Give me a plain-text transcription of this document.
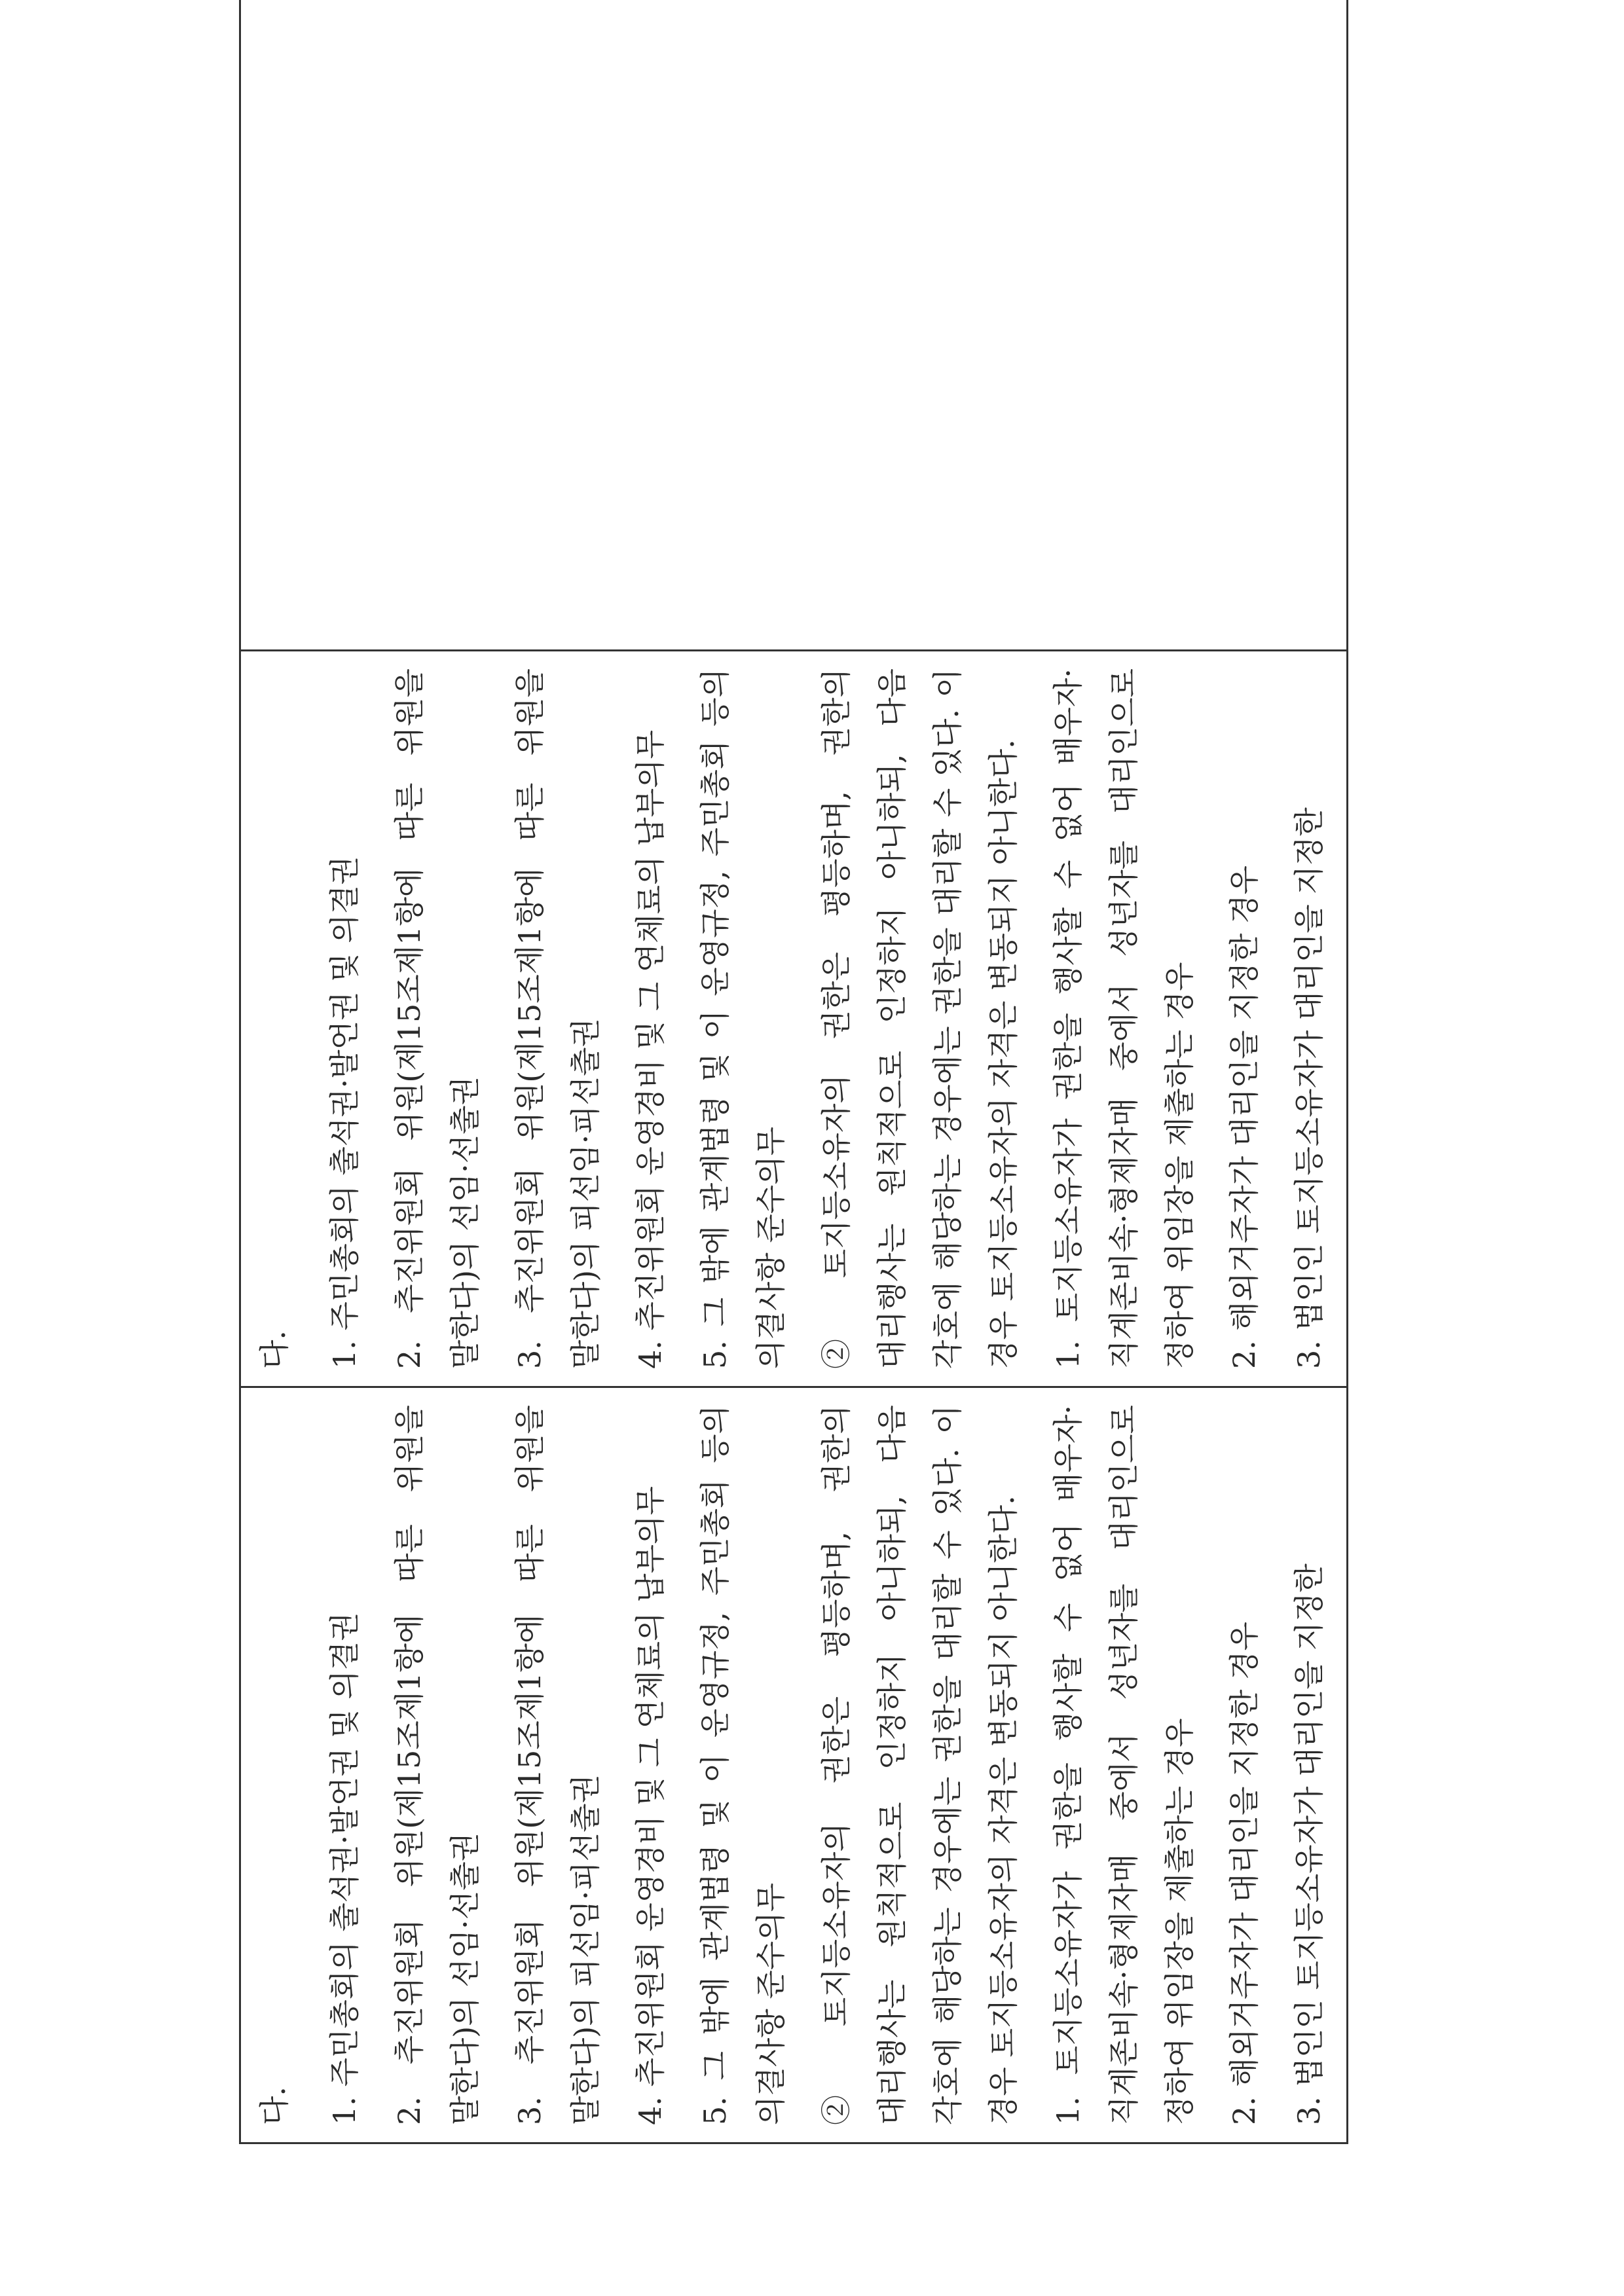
다.	1. 주민총회의 출석권·발언권 및 의결권 2. 추진위원회 위원(제15조제1항에 따른 위원을 말한다)의 선임·선출권 3. 추진위원회 위원(제15조제1항에 따른 위원을 말한다)의 피선임·피선출권 4. 추진위원회 운영경비 및 그 연체료의 납부의무 5. 그 밖에 관계법령 및 이 운영규정, 주민총회 등의 의결사항 준수의무 ② 토지등소유자의 권한은 평등하며, 권한의 대리행사는 원칙적으로 인정하지 아니하되, 다음 각호에 해당하는 경우에는 권한을 대리할 수 있다. 이 경우 토지등소유자의 자격은 변동되지 아니한다. 1. 토지등소유자가 권한을 행사할 수 없어 배우자·직계존비속·형제자매 중에서 성년자를 대리인으로 정하여 위임장을 제출하는 경우 2. 해외거주자가 대리인을 지정한 경우 3. 법인인 토지등소유자가 대리인을 지정한

다.	1. 주민총회의 출석권·발언권 및 의결권 2. 추진위원회 위원(제15조제1항에 따른 위원을 말한다)의 선임·선출권 3. 추진위원회 위원(제15조제1항에 따른 위원을 말한다)의 피선임·피선출권 4. 추진위원회 운영경비 및 그 연체료의 납부의무 5. 그 밖에 관계법령 및 이 운영규정, 주민총회 등의 의결사항 준수의무 ② 토지등소유자의 권한은 평등하며, 권한의 대리행사는 원칙적으로 인정하지 아니하되, 다음 각호에 해당하는 경우에는 권한을 대리할 수 있다. 이 경우 토지등소유자의 자격은 변동되지 아니한다. 1. 토지등소유자가 권한을 행사할 수 없어 배우자·직계존비속·형제자매 중에서 성년자를 대리인으로 정하여 위임장을 제출하는 경우 2. 해외거주자가 대리인을 지정한 경우 3. 법인인 토지등소유자가 대리인을 지정한
